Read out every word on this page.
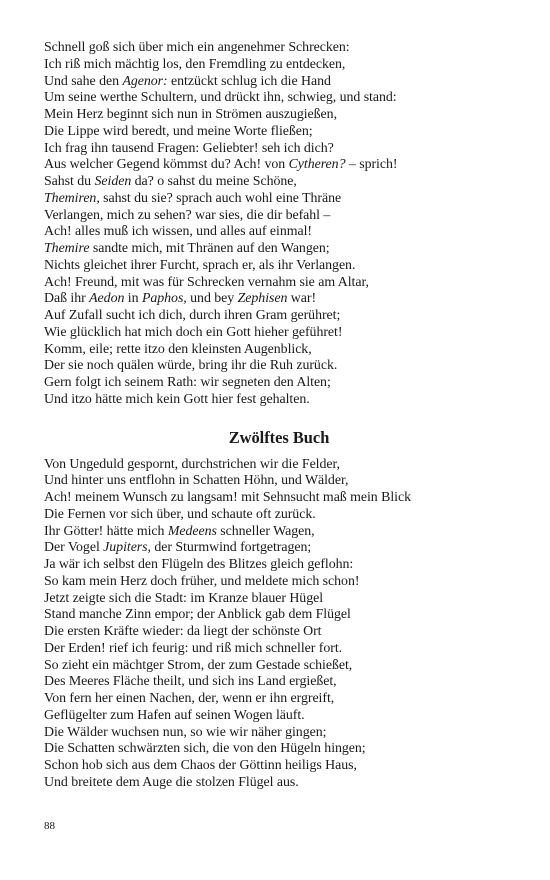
Schnell goß sich über mich ein angenehmer Schrecken:
Ich riß mich mächtig los, den Fremdling zu entdecken,
Und sahe den Agenor: entzückt schlug ich die Hand
Um seine werthe Schultern, und drückt ihn, schwieg, und stand:
Mein Herz beginnt sich nun in Strömen auszugießen,
Die Lippe wird beredt, und meine Worte fließen;
Ich frag ihn tausend Fragen: Geliebter! seh ich dich?
Aus welcher Gegend kömmst du? Ach! von Cytheren? – sprich!
Sahst du Seiden da? o sahst du meine Schöne,
Themiren, sahst du sie? sprach auch wohl eine Thräne
Verlangen, mich zu sehen? war sies, die dir befahl –
Ach! alles muß ich wissen, und alles auf einmal!
Themire sandte mich, mit Thränen auf den Wangen;
Nichts gleichet ihrer Furcht, sprach er, als ihr Verlangen.
Ach! Freund, mit was für Schrecken vernahm sie am Altar,
Daß ihr Aedon in Paphos, und bey Zephisen war!
Auf Zufall sucht ich dich, durch ihren Gram gerühret;
Wie glücklich hat mich doch ein Gott hieher geführet!
Komm, eile; rette itzo den kleinsten Augenblick,
Der sie noch quälen würde, bring ihr die Ruh zurück.
Gern folgt ich seinem Rath: wir segneten den Alten;
Und itzo hätte mich kein Gott hier fest gehalten.
Zwölftes Buch
Von Ungeduld gespornt, durchstrichen wir die Felder,
Und hinter uns entflohn in Schatten Höhn, und Wälder,
Ach! meinem Wunsch zu langsam! mit Sehnsucht maß mein Blick
Die Fernen vor sich über, und schaute oft zurück.
Ihr Götter! hätte mich Medeens schneller Wagen,
Der Vogel Jupiters, der Sturmwind fortgetragen;
Ja wär ich selbst den Flügeln des Blitzes gleich geflohn:
So kam mein Herz doch früher, und meldete mich schon!
Jetzt zeigte sich die Stadt: im Kranze blauer Hügel
Stand manche Zinn empor; der Anblick gab dem Flügel
Die ersten Kräfte wieder: da liegt der schönste Ort
Der Erden! rief ich feurig: und riß mich schneller fort.
So zieht ein mächtger Strom, der zum Gestade schießet,
Des Meeres Fläche theilt, und sich ins Land ergießet,
Von fern her einen Nachen, der, wenn er ihn ergreift,
Geflügelter zum Hafen auf seinen Wogen läuft.
Die Wälder wuchsen nun, so wie wir näher gingen;
Die Schatten schwärzten sich, die von den Hügeln hingen;
Schon hob sich aus dem Chaos der Göttinn heiligs Haus,
Und breitete dem Auge die stolzen Flügel aus.
88
